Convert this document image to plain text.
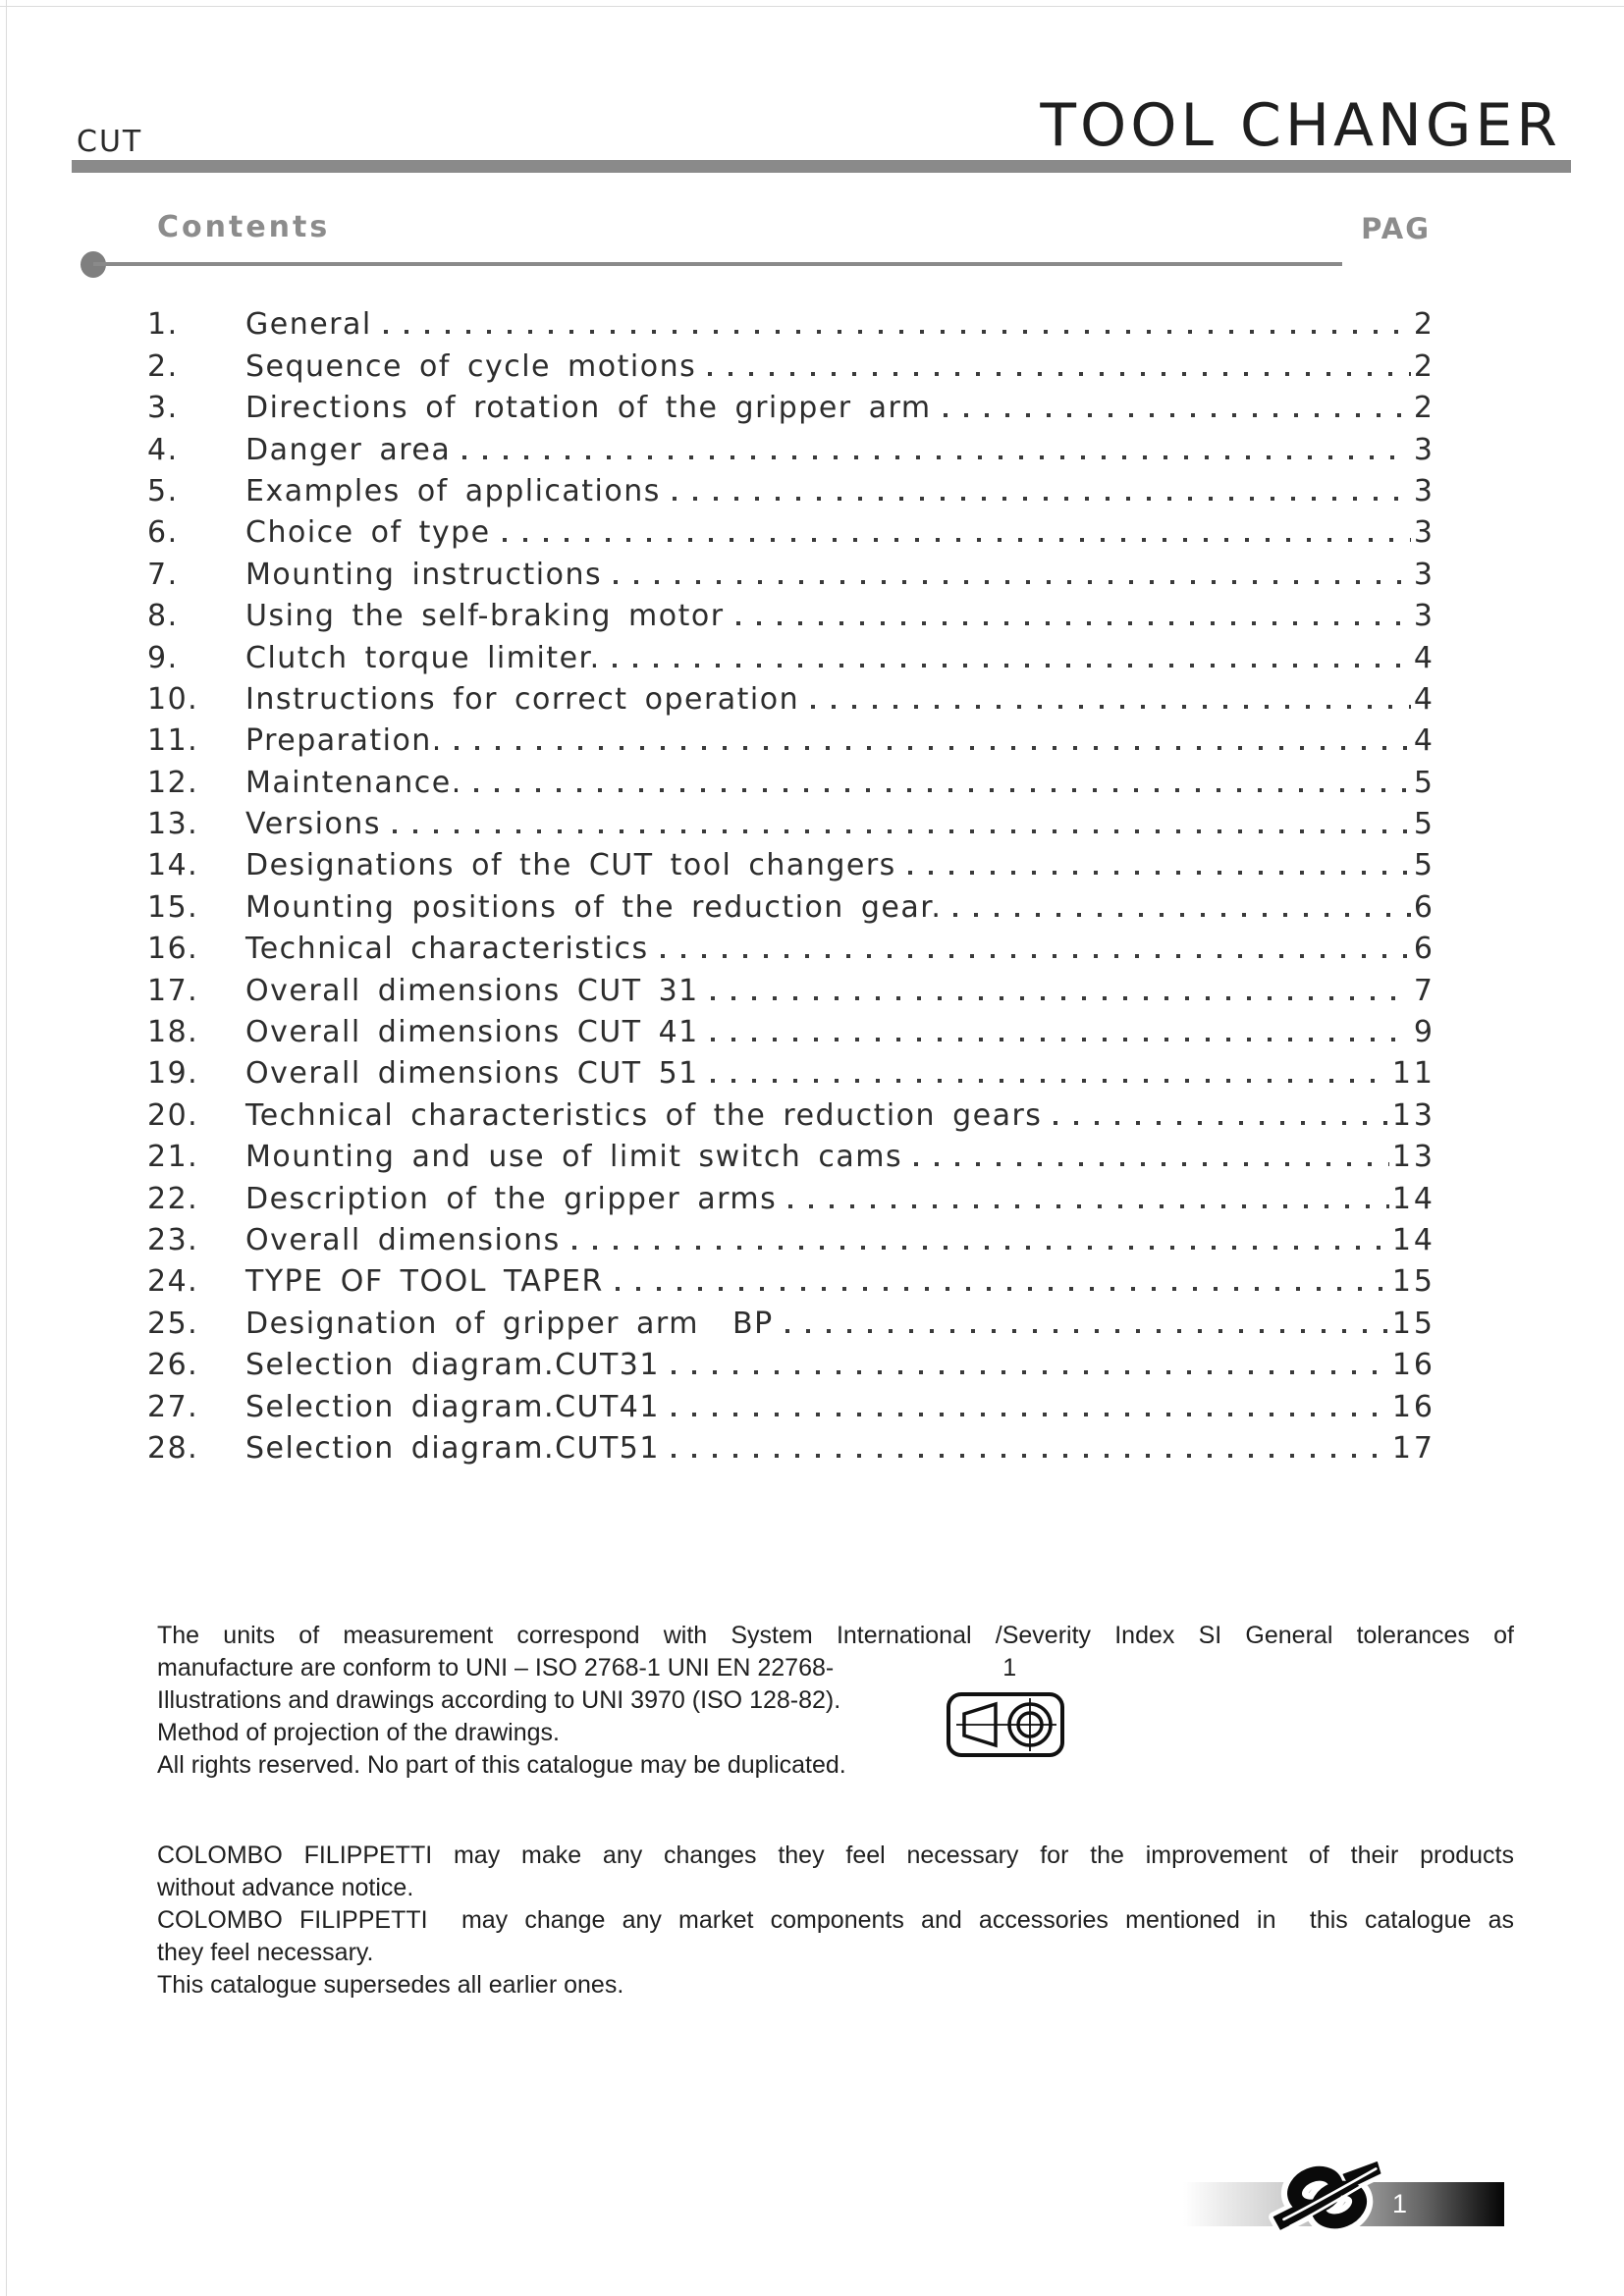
CUT	TOOL CHANGER
Contents	PAG
1.	General	2
2.	Sequence of cycle motions	2
3.	Directions of rotation of the gripper arm	2
4.	Danger area	3
5.	Examples of applications	3
6.	Choice of type	3
7.	Mounting instructions	3
8.	Using the self-braking motor	3
9.	Clutch torque limiter.	4
10.	Instructions for correct operation	4
11.	Preparation.	4
12.	Maintenance.	5
13.	Versions	5
14.	Designations of the CUT tool changers	5
15.	Mounting positions of the reduction gear.	6
16.	Technical characteristics	6
17.	Overall dimensions CUT 31	7
18.	Overall dimensions CUT 41	9
19.	Overall dimensions CUT 51	11
20.	Technical characteristics of the reduction gears	13
21.	Mounting and use of limit switch cams	13
22.	Description of the gripper arms	14
23.	Overall dimensions	14
24.	TYPE OF TOOL TAPER	15
25.	Designation of gripper arm  BP	15
26.	Selection diagram.CUT31	16
27.	Selection diagram.CUT41	16
28.	Selection diagram.CUT51	17
The units of measurement correspond with System International /Severity Index SI General tolerances of
manufacture are conform to UNI – ISO 2768-1 UNI EN 22768-	1
Illustrations and drawings according to UNI 3970 (ISO 128-82).
Method of projection of the drawings.
All rights reserved. No part of this catalogue may be duplicated.
COLOMBO FILIPPETTI may make any changes they feel necessary for the improvement of their products
without advance notice.
COLOMBO FILIPPETTI  may change any market components and accessories mentioned in  this catalogue as
they feel necessary.
This catalogue supersedes all earlier ones.
1
